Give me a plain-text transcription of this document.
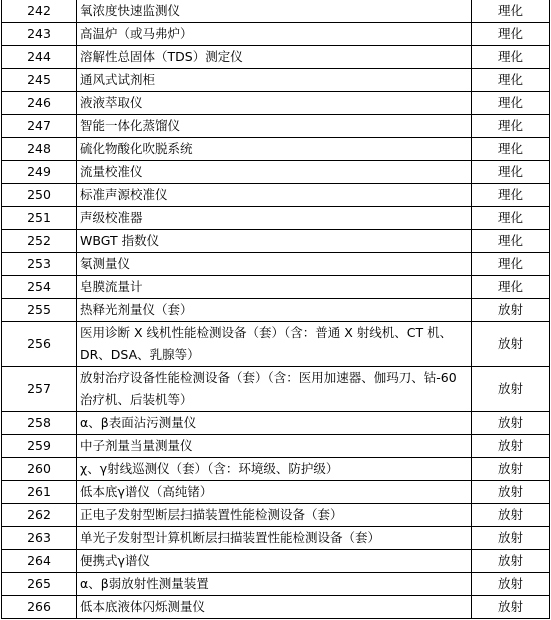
242	氧浓度快速监测仪	理化
243	高温炉（或马弗炉）	理化
244	溶解性总固体（TDS）测定仪	理化
245	通风式试剂柜	理化
246	液液萃取仪	理化
247	智能一体化蒸馏仪	理化
248	硫化物酸化吹脱系统	理化
249	流量校准仪	理化
250	标准声源校准仪	理化
251	声级校准器	理化
252	WBGT 指数仪	理化
253	氡测量仪	理化
254	皂膜流量计	理化
255	热释光剂量仪（套）	放射
256	医用诊断 X 线机性能检测设备（套）（含：普通 X 射线机、CT 机、DR、DSA、乳腺等）	放射
257	放射治疗设备性能检测设备（套）（含：医用加速器、伽玛刀、钴-60 治疗机、后装机等）	放射
258	α、β表面沾污测量仪	放射
259	中子剂量当量测量仪	放射
260	χ、γ射线巡测仪（套）（含：环境级、防护级）	放射
261	低本底γ谱仪（高纯锗）	放射
262	正电子发射型断层扫描装置性能检测设备（套）	放射
263	单光子发射型计算机断层扫描装置性能检测设备（套）	放射
264	便携式γ谱仪	放射
265	α、β弱放射性测量装置	放射
266	低本底液体闪烁测量仪	放射
